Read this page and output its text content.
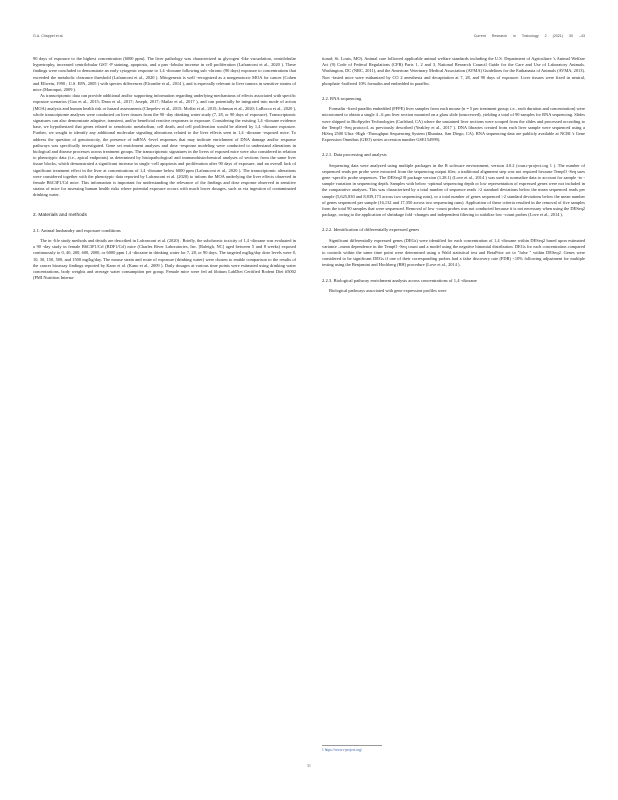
G.A. Chappel et al.	Current Research in Toxicology 2 (2021) 30 –43

90 days of exposure to the highest concentration (6000 ppm). The liver pathology was characterized as glycogen -like vacuolation, centrilobular hypertrophy, increased centrilobular GST -P staining, apoptosis, and a pan -lobular increase in cell proliferation (Lafranconi et al., 2020 ). These findings were concluded to demonstrate an early cytogenic response to 1,4 -dioxane following sub -chronic (90 days) exposure to concentrations that exceeded the metabolic clearance threshold (Lafranconi et al., 2020 ). Mitogenesis is well -recognized as a nongenotoxic MOA for cancer (Cohen and Ellwein, 1990 ; U.S. EPA, 2005 ) with species differences (Elcombe et al., 2014 ), and is especially relevant to liver tumors in sensitive strains of mice (Maronpot, 2009 ).

As transcriptomic data can provide additional and/or supporting information regarding underlying mechanisms of effects associated with specific exposure scenarios (Gao et al., 2015; Dean et al., 2017; Joseph, 2017; Mailar et al., 2017 ), and can potentially be integrated into mode of action (MOA) analysis and human health risk or hazard assessments (Chepelev et al., 2015; Moffat et al., 2015; Johnson et al., 2020; LaRocca et al., 2020 ), whole transcriptome analyses were conducted on liver tissues from the 90 -day drinking water study (7, 28, or 90 days of exposure). Transcriptomic signatures can also demonstrate adaptive, transient, and/or beneficial reactive responses to exposure. Considering the existing 1,4 -dioxane evidence base, we hypothesized that genes related to xenobiotic metabolism, cell death, and cell proliferation would be altered by 1,4 -dioxane exposure. Further, we sought to identify any additional molecular signaling alterations related to the liver effects seen in 1,4 -dioxane -exposed mice. To address the question of genotoxicity, the presence of mRNA -level responses that may indicate enrichment of DNA damage and/or response pathways was specifically investigated. Gene set enrichment analyses and dose -response modeling were conducted to understand alterations in biological and disease processes across treatment groups. The transcriptomic signatures in the livers of exposed mice were also considered in relation to phenotypic data (i.e., apical endpoints) as determined by histopathological and immunohistochemical analyses of sections from the same liver tissue blocks, which demonstrated a significant increase in single -cell apoptosis and proliferation after 90 days of exposure, and an overall lack of significant treatment effect in the liver at concentrations of 1,4 -dioxane below 6000 ppm (Lafranconi et al., 2020 ). The transcriptomic alterations were considered together with the phenotypic data reported by Lafranconi et al. (2020) to inform the MOA underlying the liver effects observed in female B6C3F1/Crl mice. This information is important for understanding the relevance of the findings and dose response observed in sensitive strains of mice for assessing human health risks where potential exposure occurs with much lower dosages, such as via ingestion of contaminated drinking water.

2. Materials and methods
2.1. Animal husbandry and exposure conditions

The in -life study methods and details are described in Lafranconi et al. (2020) . Briefly, the subchronic toxicity of 1,4 -dioxane was evaluated in a 90 -day study in female B6C3F1/Crl (BDF1/Crl) mice (Charles River Laboratories, Inc. [Raleigh, NC] aged between 5 and 8 weeks) exposed continuously to 0, 40, 200, 600, 2000, or 6000 ppm 1,4 -dioxane in drinking water for 7, 28, or 90 days. The targeted mg/kg/day dose levels were 0, 10, 30, 150, 500, and 1500 mg/kg/day. The mouse strain and route of exposure (drinking water) were chosen to enable comparison to the results of the cancer bioassay findings reported by Kano et al. (Kano et al., 2009 ). Daily dosages at various time points were estimated using drinking water concentrations, body weights and average water consumption per group. Female mice were fed ad libitum LabDiet Certified Rodent Diet #5002 (PMI Nutrition Interna-

tional; St. Louis, MO). Animal care followed applicable animal welfare standards including the U.S. Department of Agriculture 's Animal Welfare Act (9) Code of Federal Regulations (CFR) Parts 1, 2 and 3, National Research Council Guide for the Care and Use of Laboratory Animals. Washington, DC (NRC, 2011), and the American Veterinary Medical Association (AVMA) Guidelines for the Euthanasia of Animals (AVMA, 2013). Non -fasted mice were euthanized by CO 2 anesthesia and decapitation at 7, 28, and 90 days of exposure. Liver tissues were fixed in neutral, phosphate -buffered 10% formalin and embedded in paraffin.

2.2. RNA sequencing

Formalin -fixed paraffin embedded (FFPE) liver samples from each mouse (n = 5 per treatment group; i.e., each duration and concentration) were microtomed to obtain a single 4 –6 µm liver section mounted on a glass slide (unscrewed), yielding a total of 90 samples for RNA sequencing. Slides were shipped to BioSpyder Technologies (Carlsbad, CA) where the unstained liver sections were scraped from the slides and processed according to the TempO -Seq protocol, as previously described (Yeakley et al., 2017 ). DNA libraries created from each liver sample were sequenced using a HiSeq 2500 Ultra -High -Throughput Sequencing System (Illumina, San Diego, CA). RNA sequencing data are publicly available at NCBI 's Gene Expression Omnibus (GEO) series accession number GSE154999).

2.2.1. Data processing and analysis

Sequencing data were analyzed using multiple packages in the R software environment, version 4.0.2 (cran.r-project.org 1 ). The number of sequenced reads per probe were extracted from the sequencing output files; a traditional alignment step was not required because TempO -Seq uses gene -specific probe sequences. The DESeq2 R package version (1.28.1) (Love et al., 2014 ) was used to normalize data to account for sample -to -sample variation in sequencing depth. Samples with below -optimal sequencing depth or low representation of expressed genes were not included in the comparative analyses. This was characterized by a total number of sequence reads >2 standard deviations below the mean sequenced reads per sample (5,625,830 and 8,839,173 across two sequencing runs), or a total number of genes sequenced >2 standard deviations below the mean number of genes sequenced per sample (16,132 and 17,350 across two sequencing runs). Application of these criteria resulted in the removal of five samples from the total 90 samples that were sequenced. Removal of low -count probes was not conducted because it is not necessary when using the DESeq2 package, owing to the application of shrinkage fold -changes and independent filtering to stabilize low -count probes (Love et al., 2014 ).

2.2.2. Identification of differentially expressed genes

Significant differentially expressed genes (DEGs) were identified for each concentration of 1,4 -dioxane within DESeq2 based upon estimated variance –mean dependence in the TempO -Seq count and a model using the negative binomial distribution. DEGs for each concentration compared to controls within the same time point were determined using a Wald statistical test and BetaPrior set to "false " within DESeq2. Genes were considered to be significant DEGs if one of their corresponding probes had a false discovery rate (FDR) <10% following adjustment for multiple testing using the Benjamini and Hochberg (BH) procedure (Love et al., 2014 ).

2.2.3. Biological pathway enrichment analysis across concentrations of 1,4 -dioxane

Biological pathways associated with gene expression profiles were

1 https://www.r-project.org/
31
